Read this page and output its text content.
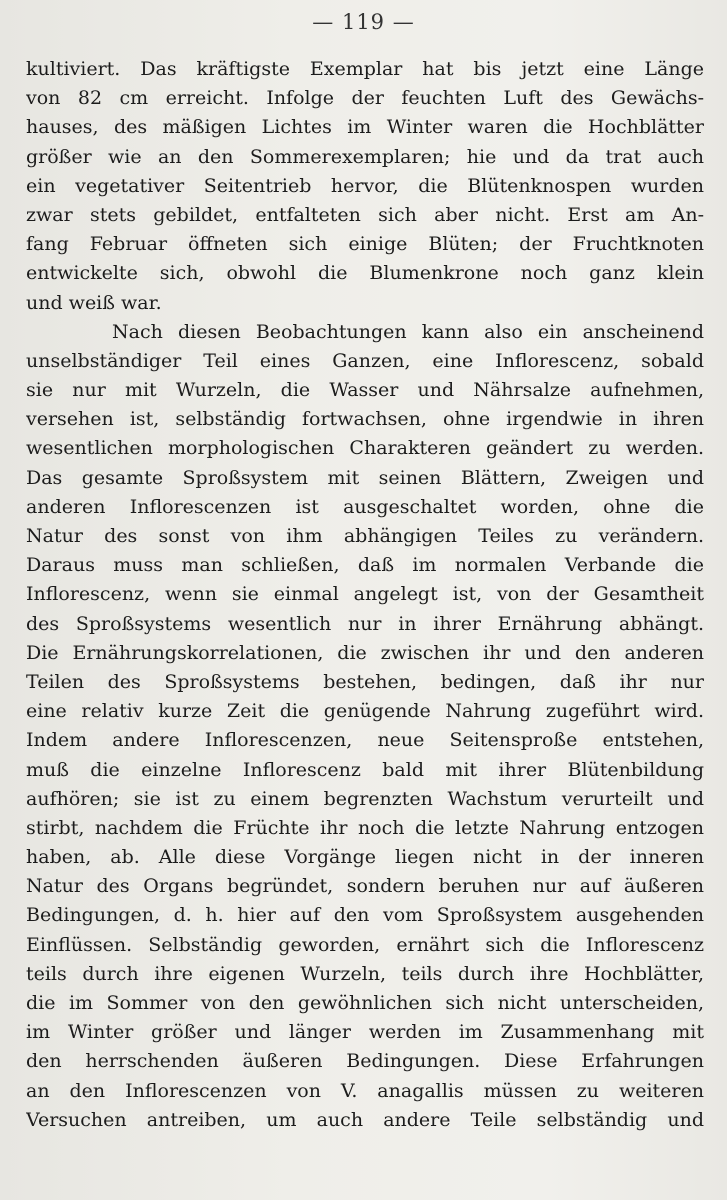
— 119 —
kultiviert. Das kräftigste Exemplar hat bis jetzt eine Länge
von 82 cm erreicht. Infolge der feuchten Luft des Gewächs-
hauses, des mäßigen Lichtes im Winter waren die Hochblätter
größer wie an den Sommerexemplaren; hie und da trat auch
ein vegetativer Seitentrieb hervor, die Blütenknospen wurden
zwar stets gebildet, entfalteten sich aber nicht. Erst am An-
fang Februar öffneten sich einige Blüten; der Fruchtknoten
entwickelte sich, obwohl die Blumenkrone noch ganz klein
und weiß war.
Nach diesen Beobachtungen kann also ein anscheinend
unselbständiger Teil eines Ganzen, eine Inflorescenz, sobald
sie nur mit Wurzeln, die Wasser und Nährsalze aufnehmen,
versehen ist, selbständig fortwachsen, ohne irgendwie in ihren
wesentlichen morphologischen Charakteren geändert zu werden.
Das gesamte Sproßsystem mit seinen Blättern, Zweigen und
anderen Inflorescenzen ist ausgeschaltet worden, ohne die
Natur des sonst von ihm abhängigen Teiles zu verändern.
Daraus muss man schließen, daß im normalen Verbande die
Inflorescenz, wenn sie einmal angelegt ist, von der Gesamtheit
des Sproßsystems wesentlich nur in ihrer Ernährung abhängt.
Die Ernährungskorrelationen, die zwischen ihr und den anderen
Teilen des Sproßsystems bestehen, bedingen, daß ihr nur
eine relativ kurze Zeit die genügende Nahrung zugeführt wird.
Indem andere Inflorescenzen, neue Seitensproße entstehen,
muß die einzelne Inflorescenz bald mit ihrer Blütenbildung
aufhören; sie ist zu einem begrenzten Wachstum verurteilt und
stirbt, nachdem die Früchte ihr noch die letzte Nahrung entzogen
haben, ab. Alle diese Vorgänge liegen nicht in der inneren
Natur des Organs begründet, sondern beruhen nur auf äußeren
Bedingungen, d. h. hier auf den vom Sproßsystem ausgehenden
Einflüssen. Selbständig geworden, ernährt sich die Inflorescenz
teils durch ihre eigenen Wurzeln, teils durch ihre Hochblätter,
die im Sommer von den gewöhnlichen sich nicht unterscheiden,
im Winter größer und länger werden im Zusammenhang mit
den herrschenden äußeren Bedingungen. Diese Erfahrungen
an den Inflorescenzen von V. anagallis müssen zu weiteren
Versuchen antreiben, um auch andere Teile selbständig und
